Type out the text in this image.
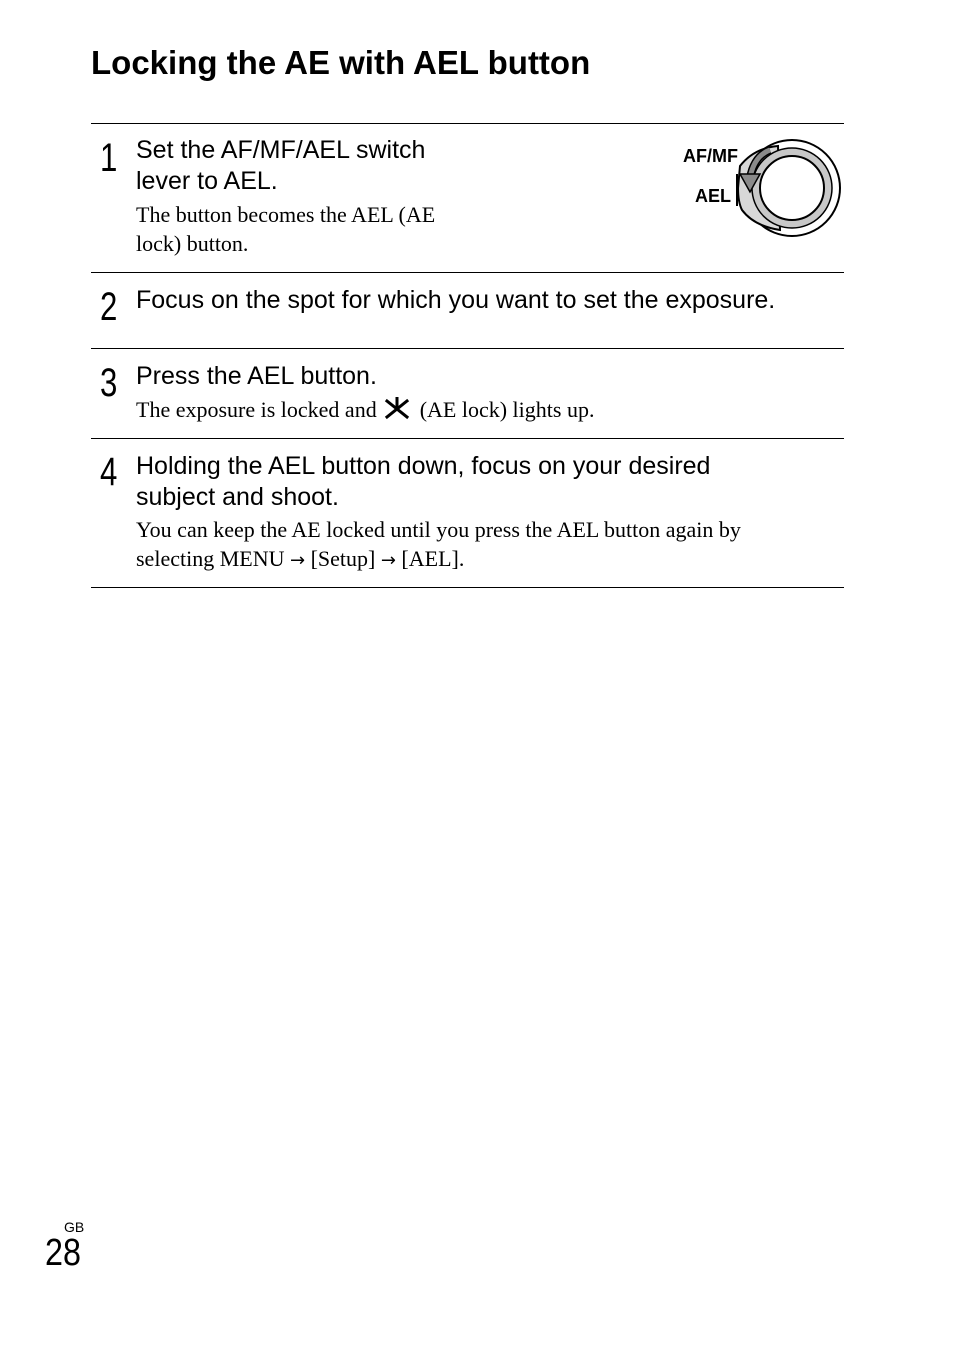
Locking the AE with AEL button
1 Set the AF/MF/AEL switch
lever to AEL.
The button becomes the AEL (AE
lock) button.
AF/MF
AEL
2 Focus on the spot for which you want to set the exposure.
3 Press the AEL button.
The exposure is locked and (AE lock) lights up.
4 Holding the AEL button down, focus on your desired
subject and shoot.
You can keep the AE locked until you press the AEL button again by
selecting MENU → [Setup] → [AEL].
GB
28
